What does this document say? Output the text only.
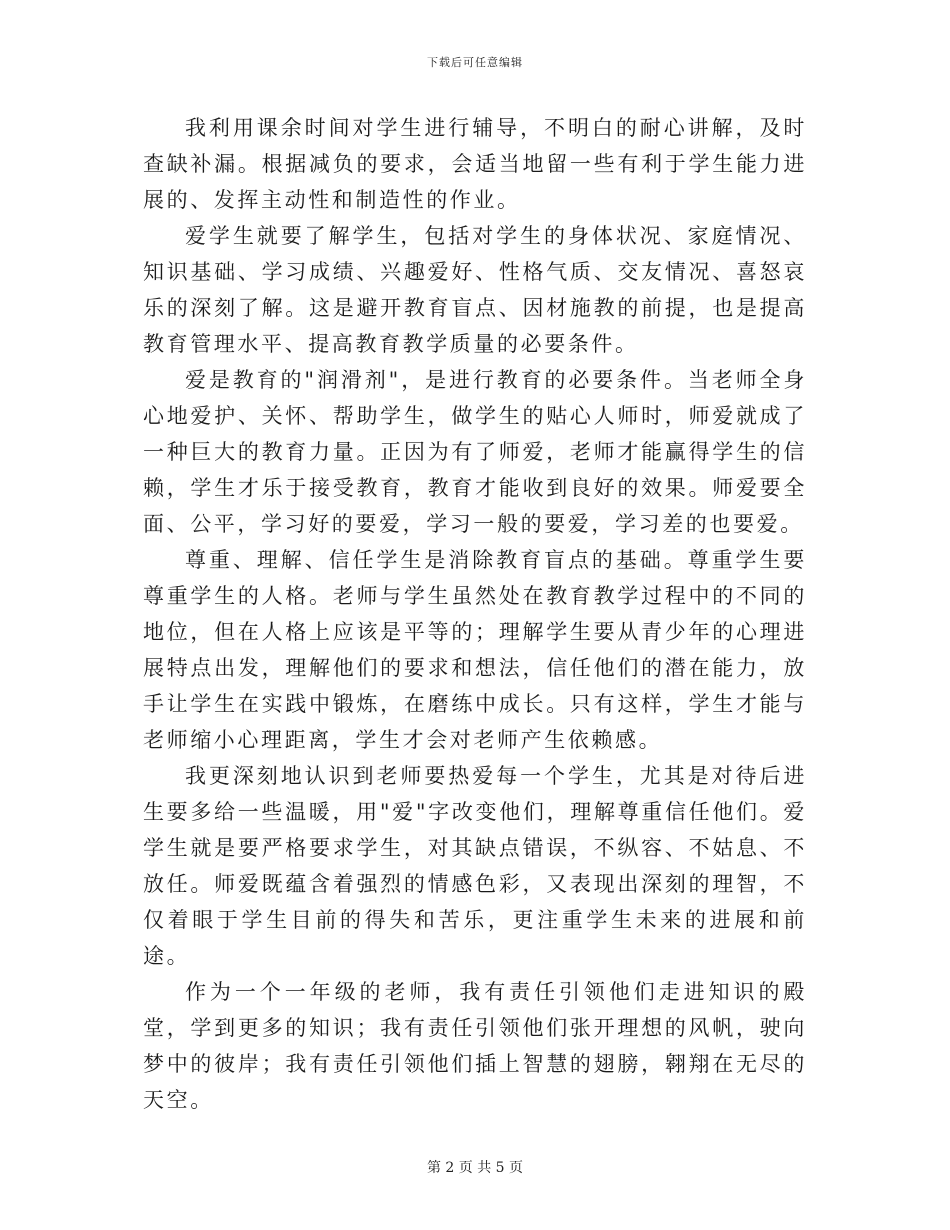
下载后可任意编辑

我利用课余时间对学生进行辅导，不明白的耐心讲解，及时查缺补漏。根据减负的要求，会适当地留一些有利于学生能力进展的、发挥主动性和制造性的作业。

爱学生就要了解学生，包括对学生的身体状况、家庭情况、知识基础、学习成绩、兴趣爱好、性格气质、交友情况、喜怒哀乐的深刻了解。这是避开教育盲点、因材施教的前提，也是提高教育管理水平、提高教育教学质量的必要条件。

爱是教育的"润滑剂"，是进行教育的必要条件。当老师全身心地爱护、关怀、帮助学生，做学生的贴心人师时，师爱就成了一种巨大的教育力量。正因为有了师爱，老师才能赢得学生的信赖，学生才乐于接受教育，教育才能收到良好的效果。师爱要全面、公平，学习好的要爱，学习一般的要爱，学习差的也要爱。

尊重、理解、信任学生是消除教育盲点的基础。尊重学生要尊重学生的人格。老师与学生虽然处在教育教学过程中的不同的地位，但在人格上应该是平等的；理解学生要从青少年的心理进展特点出发，理解他们的要求和想法，信任他们的潜在能力，放手让学生在实践中锻炼，在磨练中成长。只有这样，学生才能与老师缩小心理距离，学生才会对老师产生依赖感。

我更深刻地认识到老师要热爱每一个学生，尤其是对待后进生要多给一些温暖，用"爱"字改变他们，理解尊重信任他们。爱学生就是要严格要求学生，对其缺点错误，不纵容、不姑息、不放任。师爱既蕴含着强烈的情感色彩，又表现出深刻的理智，不仅着眼于学生目前的得失和苦乐，更注重学生未来的进展和前途。

作为一个一年级的老师，我有责任引领他们走进知识的殿堂，学到更多的知识；我有责任引领他们张开理想的风帆，驶向梦中的彼岸；我有责任引领他们插上智慧的翅膀，翱翔在无尽的天空。

第 2 页 共 5 页
